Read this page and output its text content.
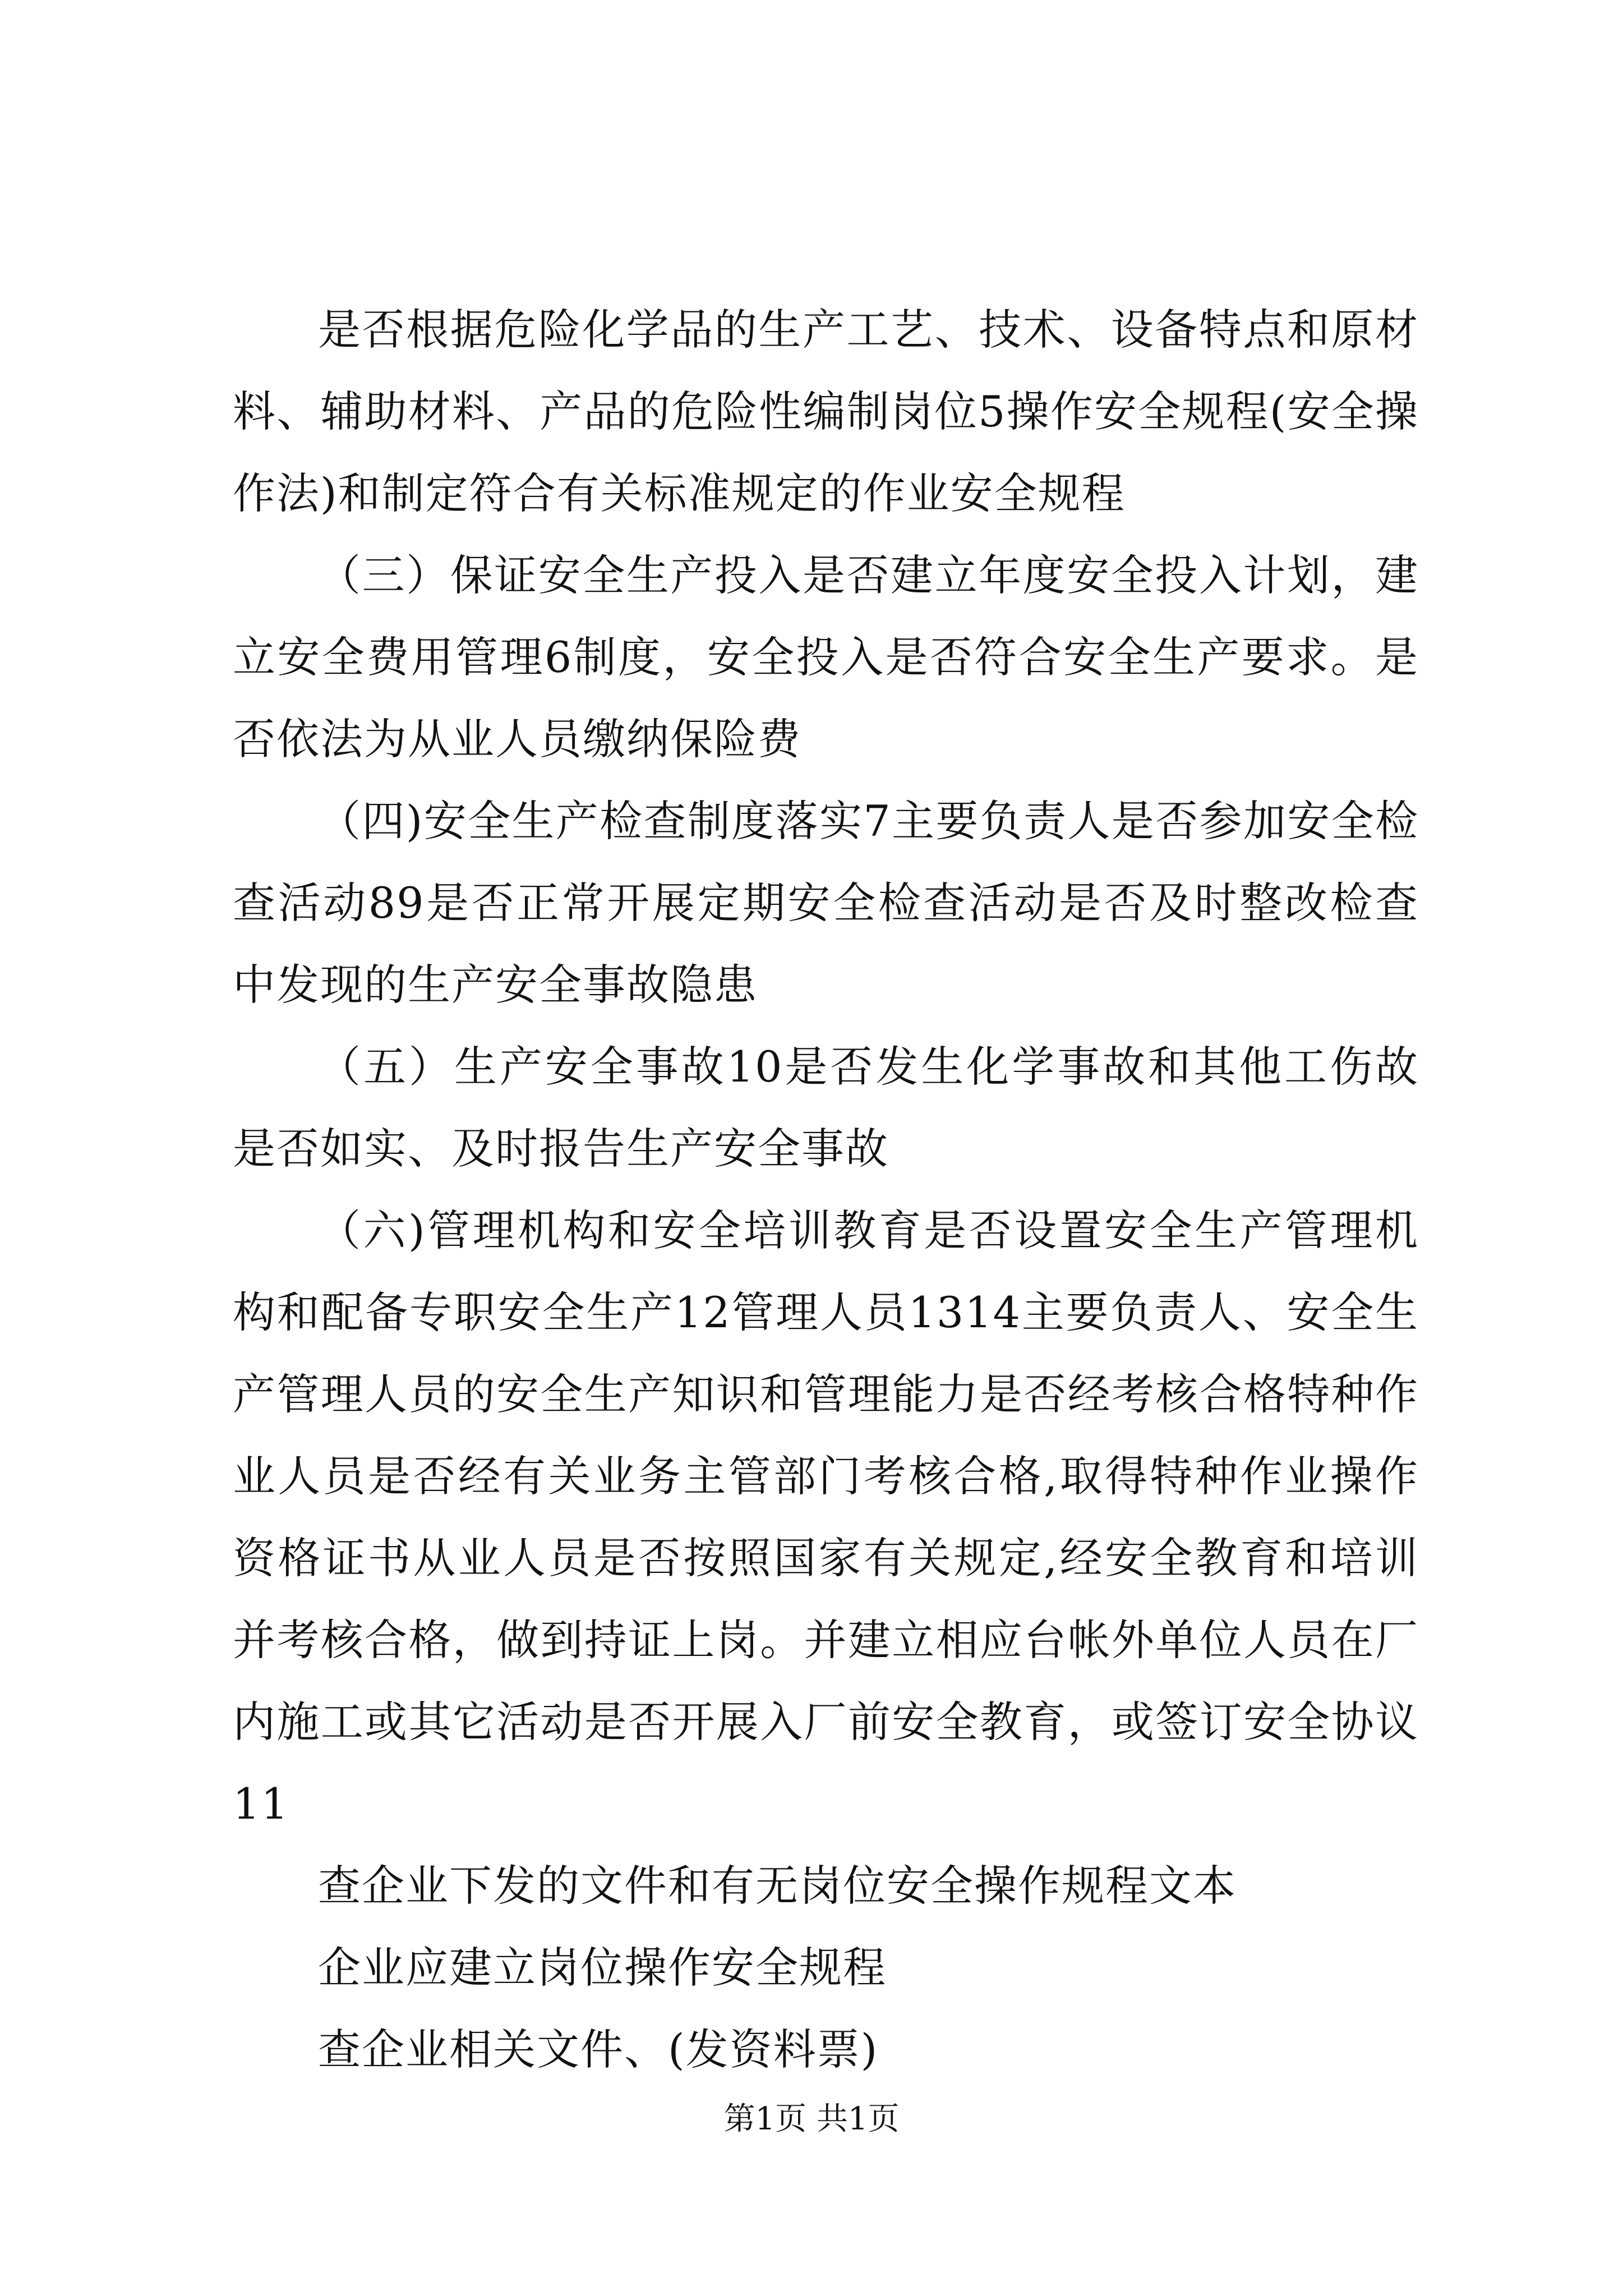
是否根据危险化学品的生产工艺、技术、设备特点和原材料、辅助材料、产品的危险性编制岗位5操作安全规程(安全操作法)和制定符合有关标准规定的作业安全规程

（三）保证安全生产投入是否建立年度安全投入计划，建立安全费用管理6制度，安全投入是否符合安全生产要求。是否依法为从业人员缴纳保险费

（四)安全生产检查制度落实7主要负责人是否参加安全检查活动89是否正常开展定期安全检查活动是否及时整改检查中发现的生产安全事故隐患

（五）生产安全事故10是否发生化学事故和其他工伤故是否如实、及时报告生产安全事故

（六)管理机构和安全培训教育是否设置安全生产管理机构和配备专职安全生产12管理人员1314主要负责人、安全生产管理人员的安全生产知识和管理能力是否经考核合格特种作业人员是否经有关业务主管部门考核合格,取得特种作业操作资格证书从业人员是否按照国家有关规定,经安全教育和培训并考核合格，做到持证上岗。并建立相应台帐外单位人员在厂内施工或其它活动是否开展入厂前安全教育，或签订安全协议11

查企业下发的文件和有无岗位安全操作规程文本

企业应建立岗位操作安全规程

查企业相关文件、(发资料票)

第1页 共1页
